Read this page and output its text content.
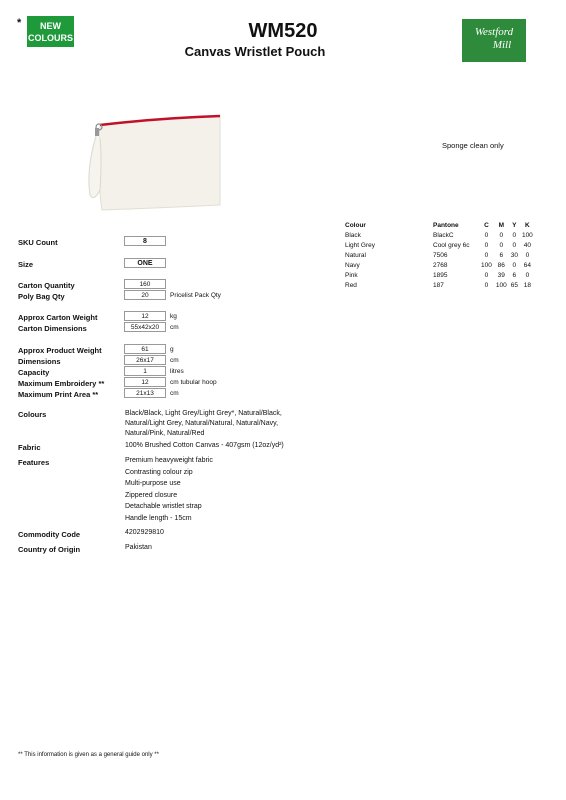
*	NEW
COLOURS	WM520
Canvas Wristlet Pouch
Westford
Mill
Sponge clean only
Colour	Pantone	C	M	Y	K
Black	BlackC	0	0	0	100
Light Grey	Cool grey 6c	0	0	0	40
Natural	7506	0	6	30	0
Navy	2768	100	86	0	64
Pink	1895	0	39	6	0
Red	187	0	100	65	18
SKU Count	8
Size	ONE
Carton Quantity	160
Poly Bag Qty	20	Pricelist Pack Qty
Approx Carton Weight	12	kg
Carton Dimensions	55x42x20	cm
Approx Product Weight	61	g
Dimensions	26x17	cm
Capacity	1	litres
Maximum Embroidery **	12	cm tubular hoop
Maximum Print Area **	21x13	cm
Colours	Black/Black, Light Grey/Light Grey*, Natural/Black, Natural/Light Grey, Natural/Natural, Natural/Navy, Natural/Pink, Natural/Red
Fabric	100% Brushed Cotton Canvas - 407gsm (12oz/yd²)
Features	Premium heavyweight fabric
Contrasting colour zip
Multi-purpose use
Zippered closure
Detachable wristlet strap
Handle length - 15cm
Commodity Code	4202929810
Country of Origin	Pakistan
** This information is given as a general guide only **
